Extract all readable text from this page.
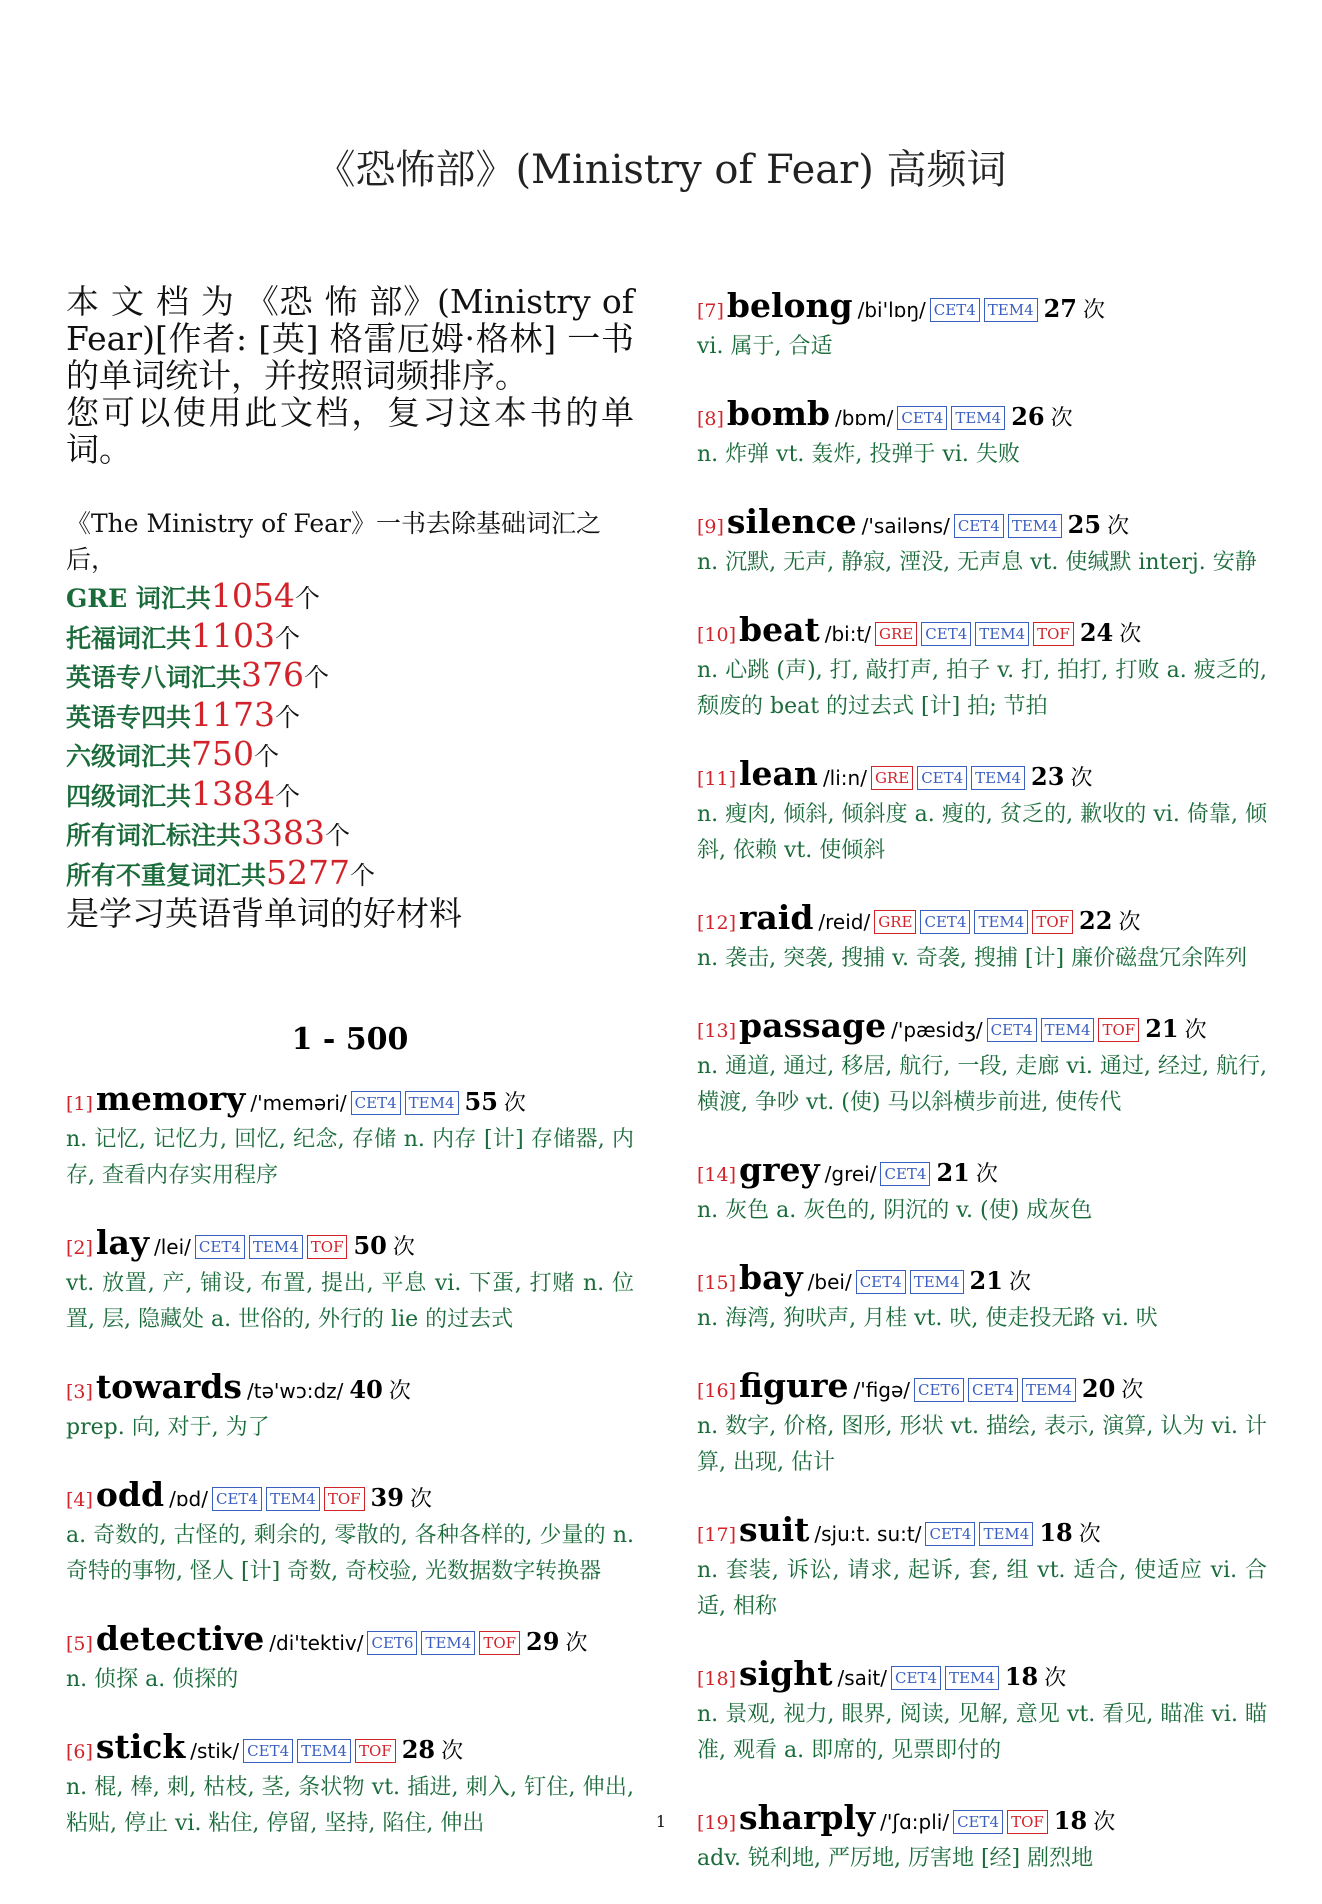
《恐怖部》(Ministry of Fear) 高频词
本 文 档 为 《恐 怖 部》(Ministry of
Fear)[作者: [英] 格雷厄姆·格林] 一书
的单词统计，并按照词频排序。
您可以使用此文档，复习这本书的单
词。
《The Ministry of Fear》一书去除基础词汇之后，
GRE 词汇共1054个
托福词汇共1103个
英语专八词汇共376个
英语专四共1173个
六级词汇共750个
四级词汇共1384个
所有词汇标注共3383个
所有不重复词汇共5277个
是学习英语背单词的好材料
1 - 500
[1]memory /'meməri/ CET4 TEM4 55 次
n. 记忆, 记忆力, 回忆, 纪念, 存储 n. 内存 [计] 存储器, 内存, 查看内存实用程序
[2]lay /lei/ CET4 TEM4 TOF 50 次
vt. 放置, 产, 铺设, 布置, 提出, 平息 vi. 下蛋, 打赌 n. 位置, 层, 隐藏处 a. 世俗的, 外行的 lie 的过去式
[3]towards /tə'wɔ:dz/ 40 次
prep. 向, 对于, 为了
[4]odd /ɒd/ CET4 TEM4 TOF 39 次
a. 奇数的, 古怪的, 剩余的, 零散的, 各种各样的, 少量的 n. 奇特的事物, 怪人 [计] 奇数, 奇校验, 光数据数字转换器
[5]detective /di'tektiv/ CET6 TEM4 TOF 29 次
n. 侦探 a. 侦探的
[6]stick /stik/ CET4 TEM4 TOF 28 次
n. 棍, 棒, 刺, 枯枝, 茎, 条状物 vt. 插进, 刺入, 钉住, 伸出, 粘贴, 停止 vi. 粘住, 停留, 坚持, 陷住, 伸出
[7]belong /bi'lɒŋ/ CET4 TEM4 27 次
vi. 属于, 合适
[8]bomb /bɒm/ CET4 TEM4 26 次
n. 炸弹 vt. 轰炸, 投弹于 vi. 失败
[9]silence /'sailəns/ CET4 TEM4 25 次
n. 沉默, 无声, 静寂, 湮没, 无声息 vt. 使缄默 interj. 安静
[10]beat /bi:t/ GRE CET4 TEM4 TOF 24 次
n. 心跳 (声), 打, 敲打声, 拍子 v. 打, 拍打, 打败 a. 疲乏的, 颓废的 beat 的过去式 [计] 拍; 节拍
[11]lean /li:n/ GRE CET4 TEM4 23 次
n. 瘦肉, 倾斜, 倾斜度 a. 瘦的, 贫乏的, 歉收的 vi. 倚靠, 倾斜, 依赖 vt. 使倾斜
[12]raid /reid/ GRE CET4 TEM4 TOF 22 次
n. 袭击, 突袭, 搜捕 v. 奇袭, 搜捕 [计] 廉价磁盘冗余阵列
[13]passage /'pæsidʒ/ CET4 TEM4 TOF 21 次
n. 通道, 通过, 移居, 航行, 一段, 走廊 vi. 通过, 经过, 航行, 横渡, 争吵 vt. (使) 马以斜横步前进, 使传代
[14]grey /grei/ CET4 21 次
n. 灰色 a. 灰色的, 阴沉的 v. (使) 成灰色
[15]bay /bei/ CET4 TEM4 21 次
n. 海湾, 狗吠声, 月桂 vt. 吠, 使走投无路 vi. 吠
[16]figure /'figə/ CET6 CET4 TEM4 20 次
n. 数字, 价格, 图形, 形状 vt. 描绘, 表示, 演算, 认为 vi. 计算, 出现, 估计
[17]suit /sju:t. su:t/ CET4 TEM4 18 次
n. 套装, 诉讼, 请求, 起诉, 套, 组 vt. 适合, 使适应 vi. 合适, 相称
[18]sight /sait/ CET4 TEM4 18 次
n. 景观, 视力, 眼界, 阅读, 见解, 意见 vt. 看见, 瞄准 vi. 瞄准, 观看 a. 即席的, 见票即付的
[19]sharply /'ʃɑ:pli/ CET4 TOF 18 次
adv. 锐利地, 严厉地, 厉害地 [经] 剧烈地
1
